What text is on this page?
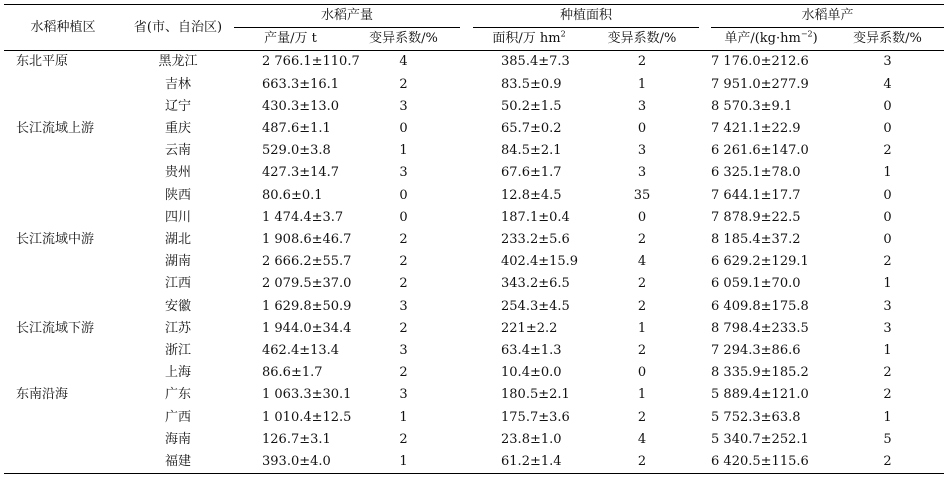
水稻种植区	省(市、自治区)	水稻产量			种植面积			水稻单产	
		产量/万 t	变异系数/%		面积/万 $hm^2$	变异系数/%		单产$/(kg\cdot hm^{-2})$	变异系数/%
东北平原	黑龙江	2 766.1±110.7	4		385.4±7.3	2		7 176.0±212.6	3
	吉林	663.3±16.1	2		83.5±0.9	1		7 951.0±277.9	4
	辽宁	430.3±13.0	3		50.2±1.5	3		8 570.3±9.1	0
长江流域上游	重庆	487.6±1.1	0		65.7±0.2	0		7 421.1±22.9	0
	云南	529.0±3.8	1		84.5±2.1	3		6 261.6±147.0	2
	贵州	427.3±14.7	3		67.6±1.7	3		6 325.1±78.0	1
	陕西	80.6±0.1	0		12.8±4.5	35		7 644.1±17.7	0
	四川	1 474.4±3.7	0		187.1±0.4	0		7 878.9±22.5	0
长江流域中游	湖北	1 908.6±46.7	2		233.2±5.6	2		8 185.4±37.2	0
	湖南	2 666.2±55.7	2		402.4±15.9	4		6 629.2±129.1	2
	江西	2 079.5±37.0	2		343.2±6.5	2		6 059.1±70.0	1
	安徽	1 629.8±50.9	3		254.3±4.5	2		6 409.8±175.8	3
长江流域下游	江苏	1 944.0±34.4	2		221±2.2	1		8 798.4±233.5	3
	浙江	462.4±13.4	3		63.4±1.3	2		7 294.3±86.6	1
	上海	86.6±1.7	2		10.4±0.0	0		8 335.9±185.2	2
东南沿海	广东	1 063.3±30.1	3		180.5±2.1	1		5 889.4±121.0	2
	广西	1 010.4±12.5	1		175.7±3.6	2		5 752.3±63.8	1
	海南	126.7±3.1	2		23.8±1.0	4		5 340.7±252.1	5
	福建	393.0±4.0	1		61.2±1.4	2		6 420.5±115.6	2
